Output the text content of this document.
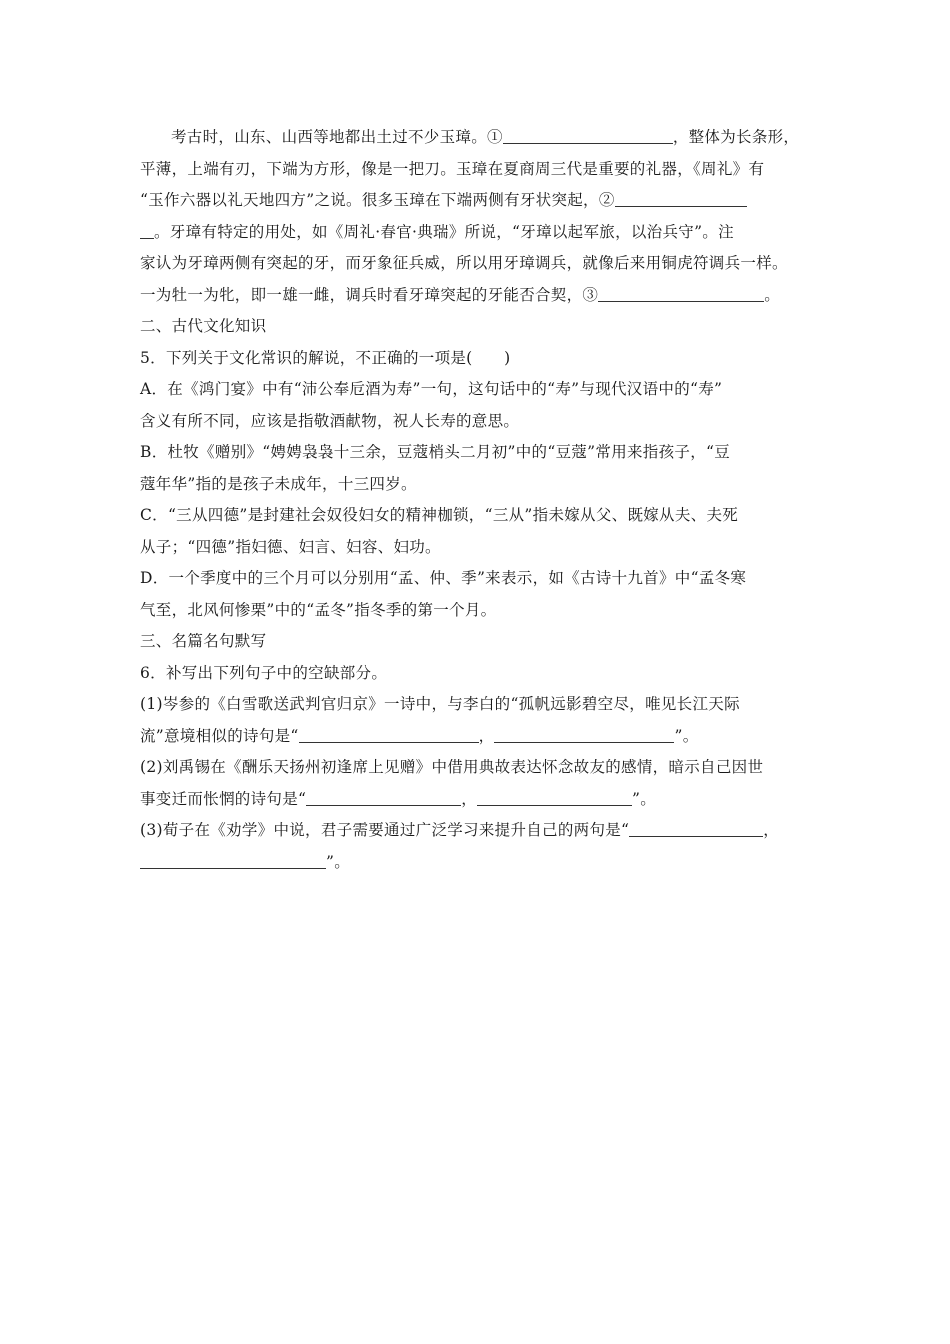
考古时，山东、山西等地都出土过不少玉璋。①	，整体为长条形，
平薄，上端有刃，下端为方形，像是一把刀。玉璋在夏商周三代是重要的礼器，《周礼》有
“玉作六器以礼天地四方”之说。很多玉璋在下端两侧有牙状突起，②
。牙璋有特定的用处，如《周礼·春官·典瑞》所说，“牙璋以起军旅，以治兵守”。注
家认为牙璋两侧有突起的牙，而牙象征兵威，所以用牙璋调兵，就像后来用铜虎符调兵一样。
一为牡一为牝，即一雄一雌，调兵时看牙璋突起的牙能否合契，③	。
二、古代文化知识
5．下列关于文化常识的解说，不正确的一项是(　　)
A．在《鸿门宴》中有“沛公奉卮酒为寿”一句，这句话中的“寿”与现代汉语中的“寿”
含义有所不同，应该是指敬酒献物，祝人长寿的意思。
B．杜牧《赠别》“娉娉袅袅十三余，豆蔻梢头二月初”中的“豆蔻”常用来指孩子，“豆
蔻年华”指的是孩子未成年，十三四岁。
C．“三从四德”是封建社会奴役妇女的精神枷锁，“三从”指未嫁从父、既嫁从夫、夫死
从子；“四德”指妇德、妇言、妇容、妇功。
D．一个季度中的三个月可以分别用“孟、仲、季”来表示，如《古诗十九首》中“孟冬寒
气至，北风何惨栗”中的“孟冬”指冬季的第一个月。
三、名篇名句默写
6．补写出下列句子中的空缺部分。
(1)岑参的《白雪歌送武判官归京》一诗中，与李白的“孤帆远影碧空尽，唯见长江天际
流”意境相似的诗句是“	，	”。
(2)刘禹锡在《酬乐天扬州初逢席上见赠》中借用典故表达怀念故友的感情，暗示自己因世
事变迁而怅惘的诗句是“	，	”。
(3)荀子在《劝学》中说，君子需要通过广泛学习来提升自己的两句是“	，
”。
